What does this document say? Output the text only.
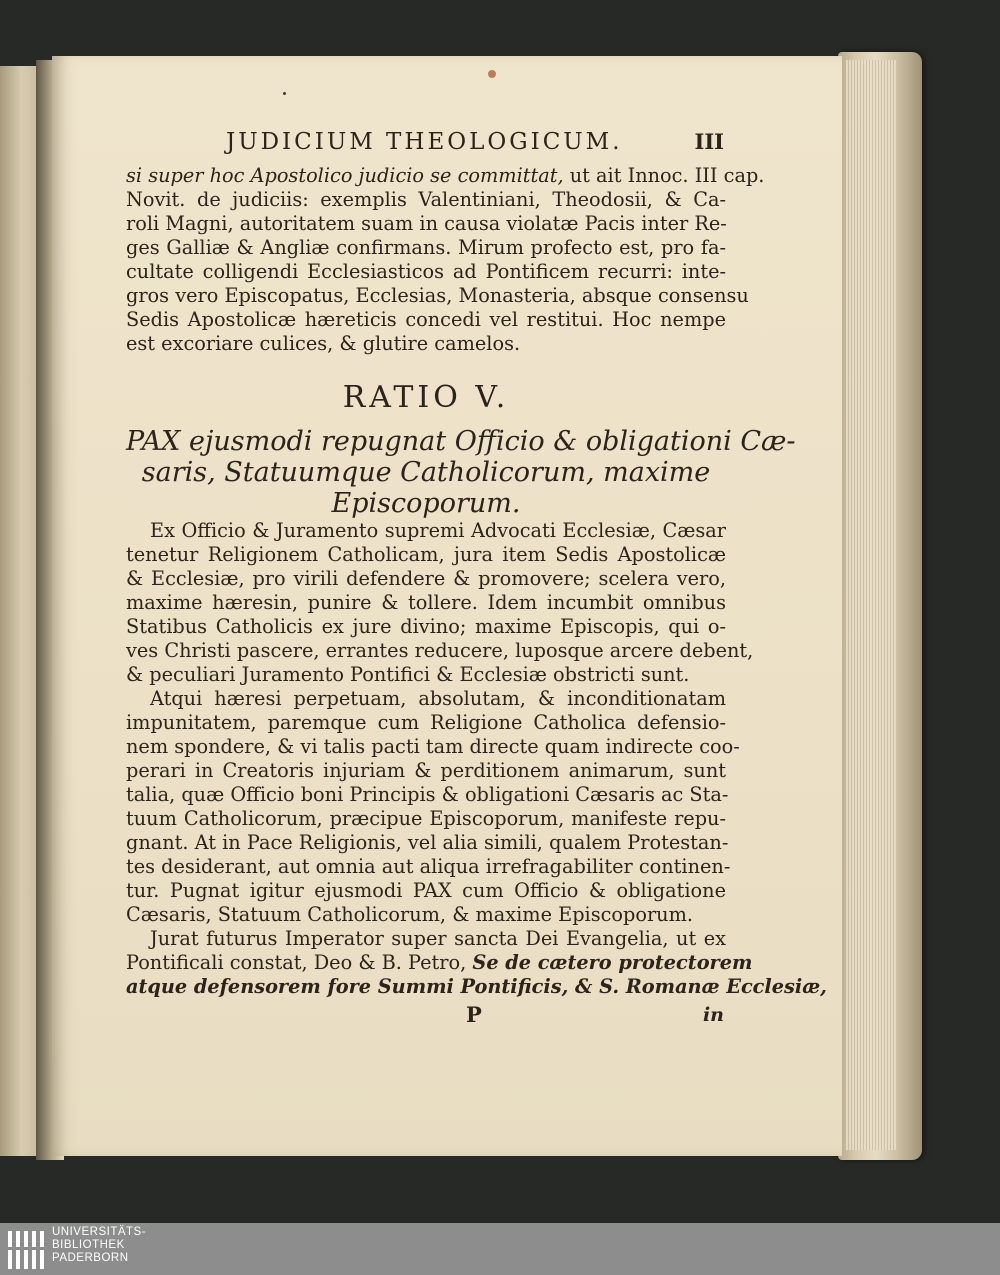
JUDICIUM THEOLOGICUM.	III
si super hoc Apostolico judicio se committat, ut ait Innoc. III cap.
Novit. de judiciis: exemplis Valentiniani, Theodosii, & Ca-
roli Magni, autoritatem suam in causa violatæ Pacis inter Re-
ges Galliæ & Angliæ confirmans. Mirum profecto est, pro fa-
cultate colligendi Ecclesiasticos ad Pontificem recurri: inte-
gros vero Episcopatus, Ecclesias, Monasteria, absque consensu
Sedis Apostolicæ hæreticis concedi vel restitui. Hoc nempe
est excoriare culices, & glutire camelos.
RATIO V.
PAX ejusmodi repugnat Officio & obligationi Cæ-
saris, Statuumque Catholicorum, maxime
Episcoporum.
Ex Officio & Juramento supremi Advocati Ecclesiæ, Cæsar
tenetur Religionem Catholicam, jura item Sedis Apostolicæ
& Ecclesiæ, pro virili defendere & promovere; scelera vero,
maxime hæresin, punire & tollere. Idem incumbit omnibus
Statibus Catholicis ex jure divino; maxime Episcopis, qui o-
ves Christi pascere, errantes reducere, luposque arcere debent,
& peculiari Juramento Pontifici & Ecclesiæ obstricti sunt.
Atqui hæresi perpetuam, absolutam, & inconditionatam
impunitatem, paremque cum Religione Catholica defensio-
nem spondere, & vi talis pacti tam directe quam indirecte coo-
perari in Creatoris injuriam & perditionem animarum, sunt
talia, quæ Officio boni Principis & obligationi Cæsaris ac Sta-
tuum Catholicorum, præcipue Episcoporum, manifeste repu-
gnant. At in Pace Religionis, vel alia simili, qualem Protestan-
tes desiderant, aut omnia aut aliqua irrefragabiliter continen-
tur. Pugnat igitur ejusmodi PAX cum Officio & obligatione
Cæsaris, Statuum Catholicorum, & maxime Episcoporum.
Jurat futurus Imperator super sancta Dei Evangelia, ut ex
Pontificali constat, Deo & B. Petro, Se de cætero protectorem
atque defensorem fore Summi Pontificis, & S. Romanæ Ecclesiæ,
P	in
UNIVERSITÄTS-
BIBLIOTHEK
PADERBORN
